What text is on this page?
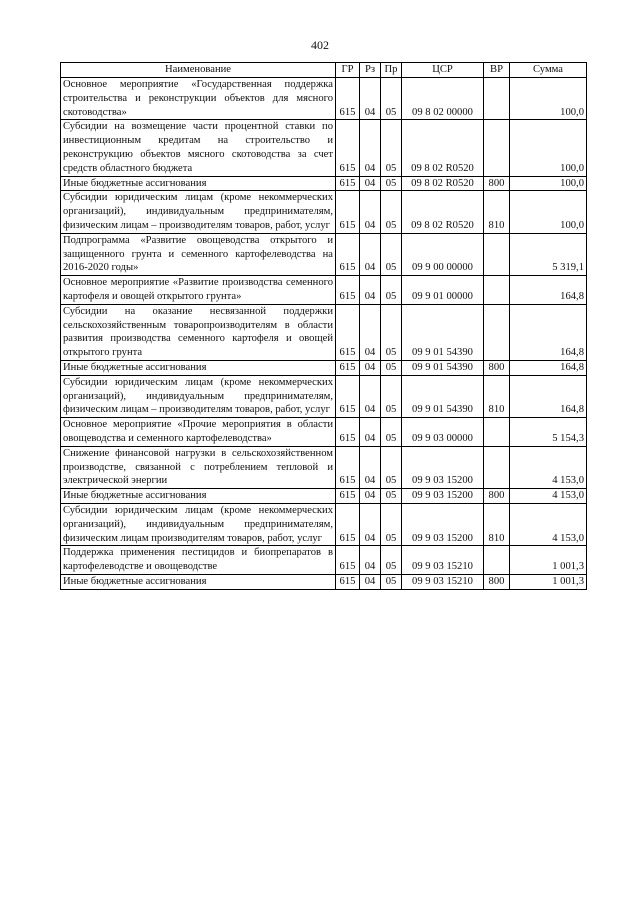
402
Наименование	ГР	Рз	Пр	ЦСР	ВР	Сумма
Основное мероприятие «Государственная поддержка строительства и реконструкции объектов для мясного скотоводства»	615	04	05	09 8 02 00000		100,0
Субсидии на возмещение части процентной ставки по инвестиционным кредитам на строительство и реконструкцию объектов мясного скотоводства за счет средств областного бюджета	615	04	05	09 8 02 R0520		100,0
Иные бюджетные ассигнования	615	04	05	09 8 02 R0520	800	100,0
Субсидии юридическим лицам (кроме некоммерческих организаций), индивидуальным предпринимателям, физическим лицам – производителям товаров, работ, услуг	615	04	05	09 8 02 R0520	810	100,0
Подпрограмма «Развитие овощеводства открытого и защищенного грунта и семенного картофелеводства на 2016-2020 годы»	615	04	05	09 9 00 00000		5 319,1
Основное мероприятие «Развитие производства семенного картофеля и овощей открытого грунта»	615	04	05	09 9 01 00000		164,8
Субсидии на оказание несвязанной поддержки сельскохозяйственным товаропроизводителям в области развития производства семенного картофеля и овощей открытого грунта	615	04	05	09 9 01 54390		164,8
Иные бюджетные ассигнования	615	04	05	09 9 01 54390	800	164,8
Субсидии юридическим лицам (кроме некоммерческих организаций), индивидуальным предпринимателям, физическим лицам – производителям товаров, работ, услуг	615	04	05	09 9 01 54390	810	164,8
Основное мероприятие «Прочие мероприятия в области овощеводства и семенного картофелеводства»	615	04	05	09 9 03 00000		5 154,3
Снижение финансовой нагрузки в сельскохозяйственном производстве, связанной с потреблением тепловой и электрической энергии	615	04	05	09 9 03 15200		4 153,0
Иные бюджетные ассигнования	615	04	05	09 9 03 15200	800	4 153,0
Субсидии юридическим лицам (кроме некоммерческих организаций), индивидуальным предпринимателям, физическим лицам производителям товаров, работ, услуг	615	04	05	09 9 03 15200	810	4 153,0
Поддержка применения пестицидов и биопрепаратов в картофелеводстве и овощеводстве	615	04	05	09 9 03 15210		1 001,3
Иные бюджетные ассигнования	615	04	05	09 9 03 15210	800	1 001,3
